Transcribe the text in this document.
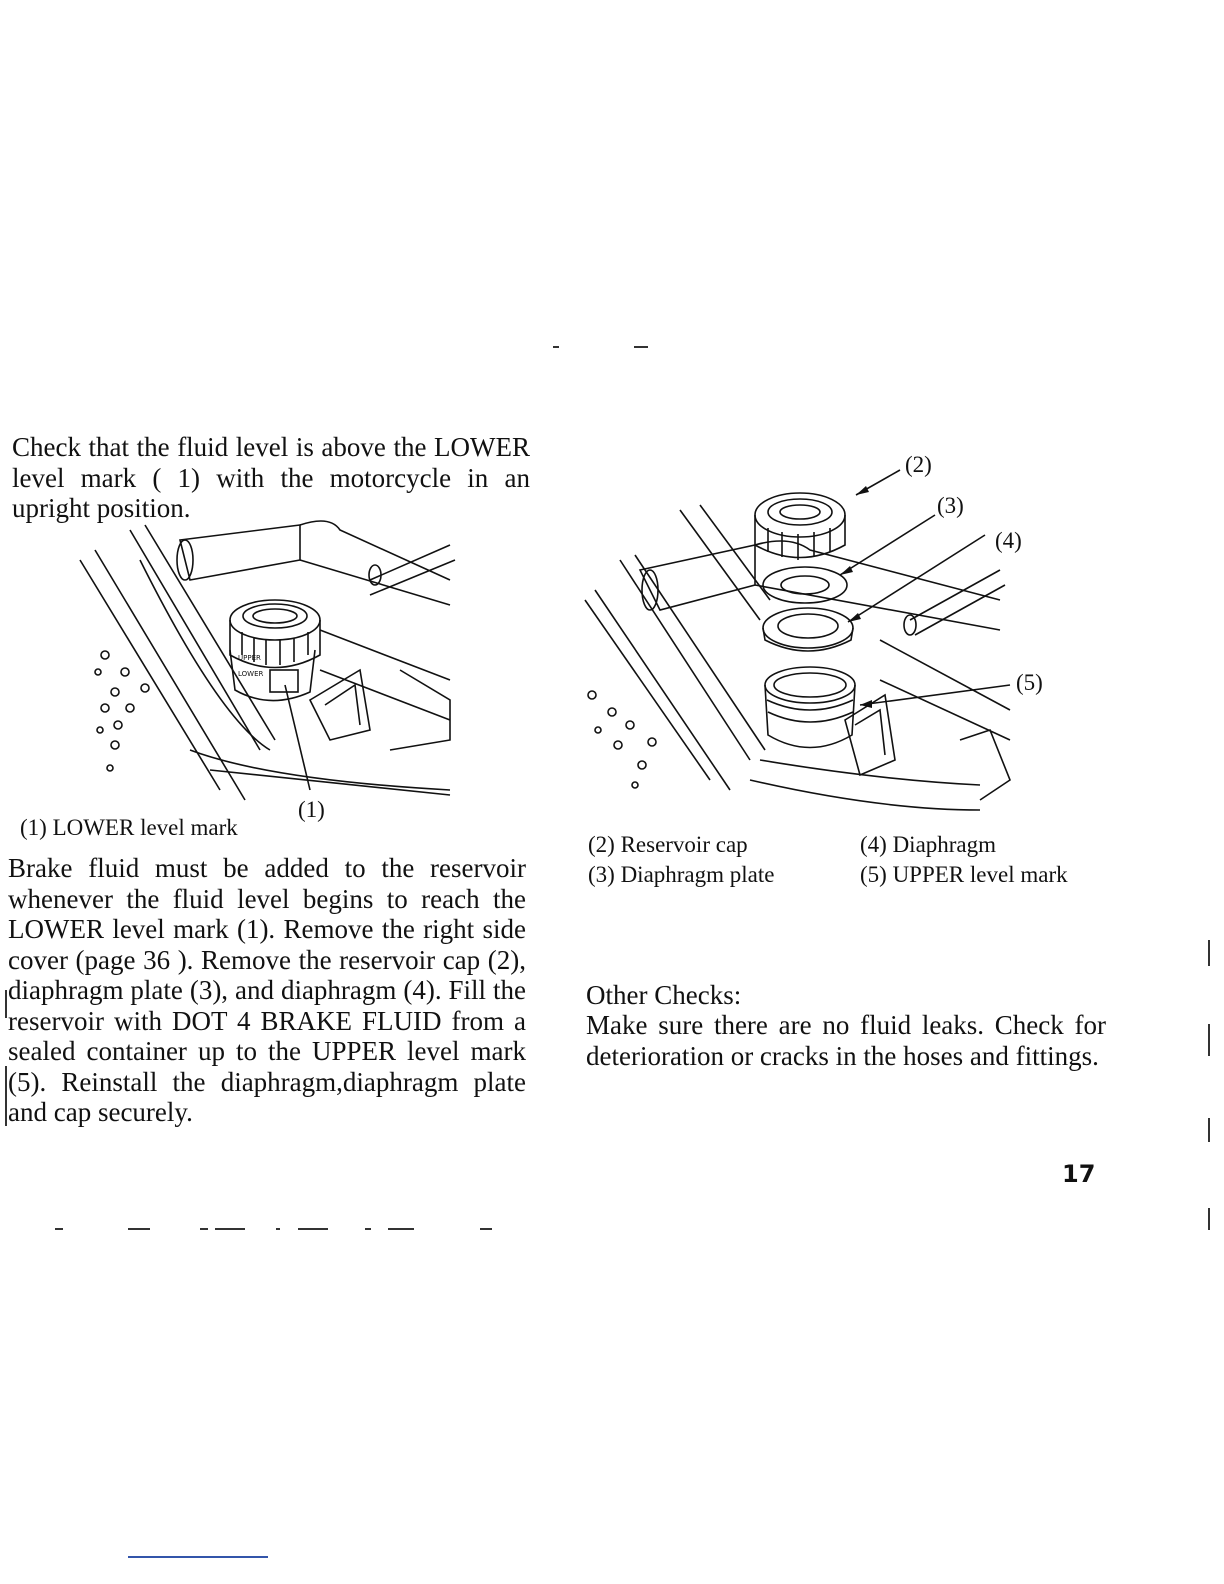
Check that the fluid level is above the LOWER level mark ( 1) with the motorcycle in an upright position.
UPPER
LOWER
(1)
(1) LOWER level mark
Brake fluid must be added to the reservoir whenever the fluid level begins to reach the LOWER level mark (1). Remove the right side cover (page 36 ). Remove the reservoir cap (2), diaphragm plate (3), and diaphragm (4). Fill the reservoir with DOT 4 BRAKE FLUID from a sealed container up to the UPPER level mark (5). Reinstall the diaphragm,diaphragm plate and cap securely.
(2)
(3)
(4)
(5)
(2) Reservoir cap
(3) Diaphragm plate
(4) Diaphragm
(5) UPPER level mark
Other Checks:
Make sure there are no fluid leaks. Check for deterioration or cracks in the hoses and fittings.
17
